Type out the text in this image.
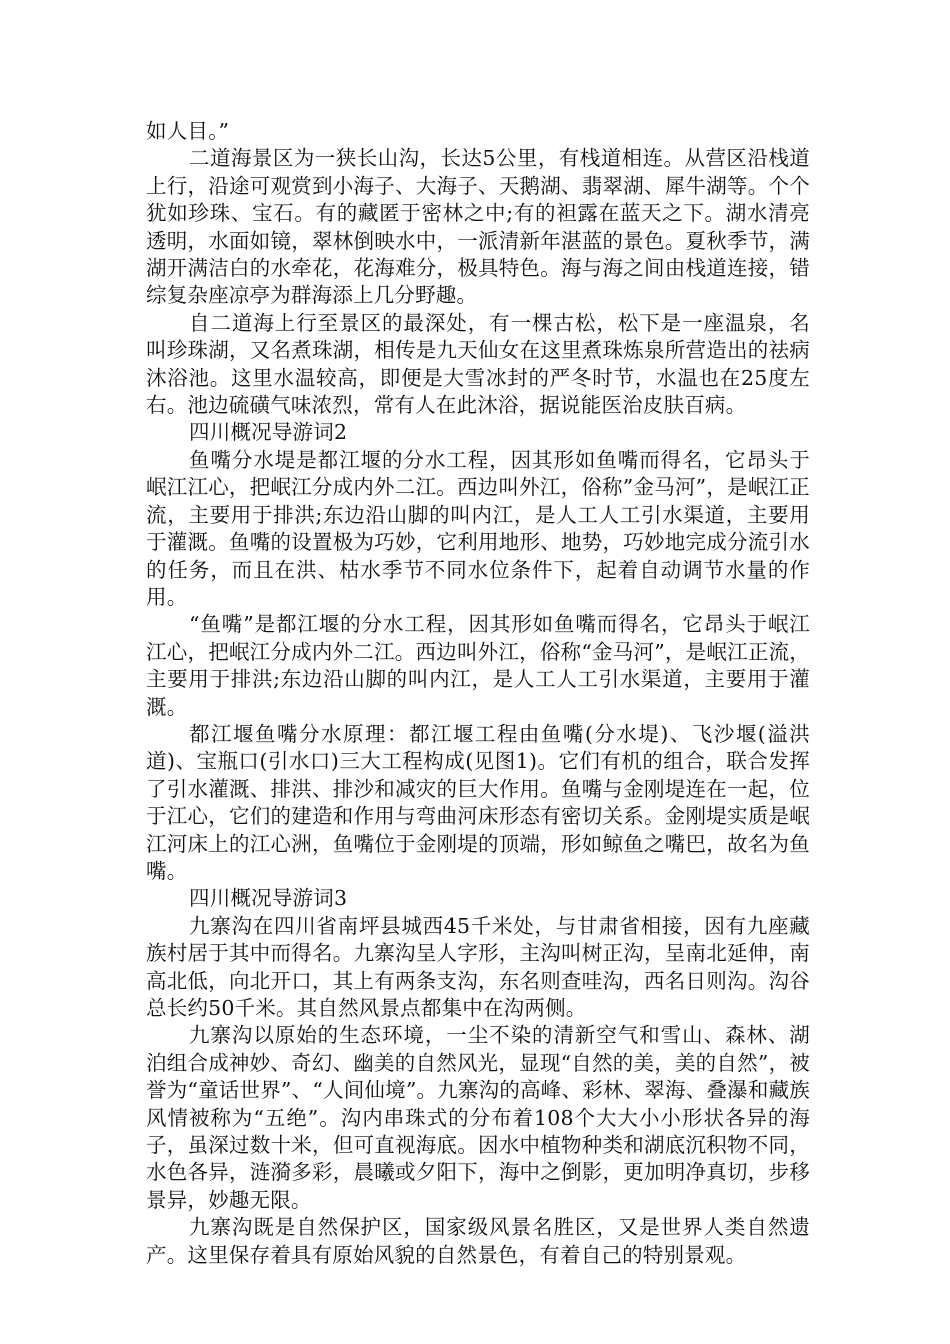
如人目。”

二道海景区为一狭长山沟，长达5公里，有栈道相连。从营区沿栈道上行，沿途可观赏到小海子、大海子、天鹅湖、翡翠湖、犀牛湖等。个个犹如珍珠、宝石。有的藏匿于密林之中;有的袒露在蓝天之下。湖水清亮透明，水面如镜，翠林倒映水中，一派清新年湛蓝的景色。夏秋季节，满湖开满洁白的水牵花，花海难分，极具特色。海与海之间由栈道连接，错综复杂座凉亭为群海添上几分野趣。

自二道海上行至景区的最深处，有一棵古松，松下是一座温泉，名叫珍珠湖，又名煮珠湖，相传是九天仙女在这里煮珠炼泉所营造出的祛病沐浴池。这里水温较高，即便是大雪冰封的严冬时节，水温也在25度左右。池边硫磺气味浓烈，常有人在此沐浴，据说能医治皮肤百病。

四川概况导游词2

鱼嘴分水堤是都江堰的分水工程，因其形如鱼嘴而得名，它昂头于岷江江心，把岷江分成内外二江。西边叫外江，俗称”金马河”，是岷江正流，主要用于排洪;东边沿山脚的叫内江，是人工人工引水渠道，主要用于灌溉。鱼嘴的设置极为巧妙，它利用地形、地势，巧妙地完成分流引水的任务，而且在洪、枯水季节不同水位条件下，起着自动调节水量的作用。

“鱼嘴”是都江堰的分水工程，因其形如鱼嘴而得名，它昂头于岷江江心，把岷江分成内外二江。西边叫外江，俗称“金马河”，是岷江正流，主要用于排洪;东边沿山脚的叫内江，是人工人工引水渠道，主要用于灌溉。

都江堰鱼嘴分水原理：都江堰工程由鱼嘴(分水堤)、飞沙堰(溢洪道)、宝瓶口(引水口)三大工程构成(见图1)。它们有机的组合，联合发挥了引水灌溉、排洪、排沙和减灾的巨大作用。鱼嘴与金刚堤连在一起，位于江心，它们的建造和作用与弯曲河床形态有密切关系。金刚堤实质是岷江河床上的江心洲，鱼嘴位于金刚堤的顶端，形如鲸鱼之嘴巴，故名为鱼嘴。

四川概况导游词3

九寨沟在四川省南坪县城西45千米处，与甘肃省相接，因有九座藏族村居于其中而得名。九寨沟呈人字形，主沟叫树正沟，呈南北延伸，南高北低，向北开口，其上有两条支沟，东名则查哇沟，西名日则沟。沟谷总长约50千米。其自然风景点都集中在沟两侧。

九寨沟以原始的生态环境，一尘不染的清新空气和雪山、森林、湖泊组合成神妙、奇幻、幽美的自然风光，显现“自然的美，美的自然”，被誉为“童话世界”、“人间仙境”。九寨沟的高峰、彩林、翠海、叠瀑和藏族风情被称为“五绝”。沟内串珠式的分布着108个大大小小形状各异的海子，虽深过数十米，但可直视海底。因水中植物种类和湖底沉积物不同，水色各异，涟漪多彩，晨曦或夕阳下，海中之倒影，更加明净真切，步移景异，妙趣无限。

九寨沟既是自然保护区，国家级风景名胜区，又是世界人类自然遗产。这里保存着具有原始风貌的自然景色，有着自己的特别景观。
